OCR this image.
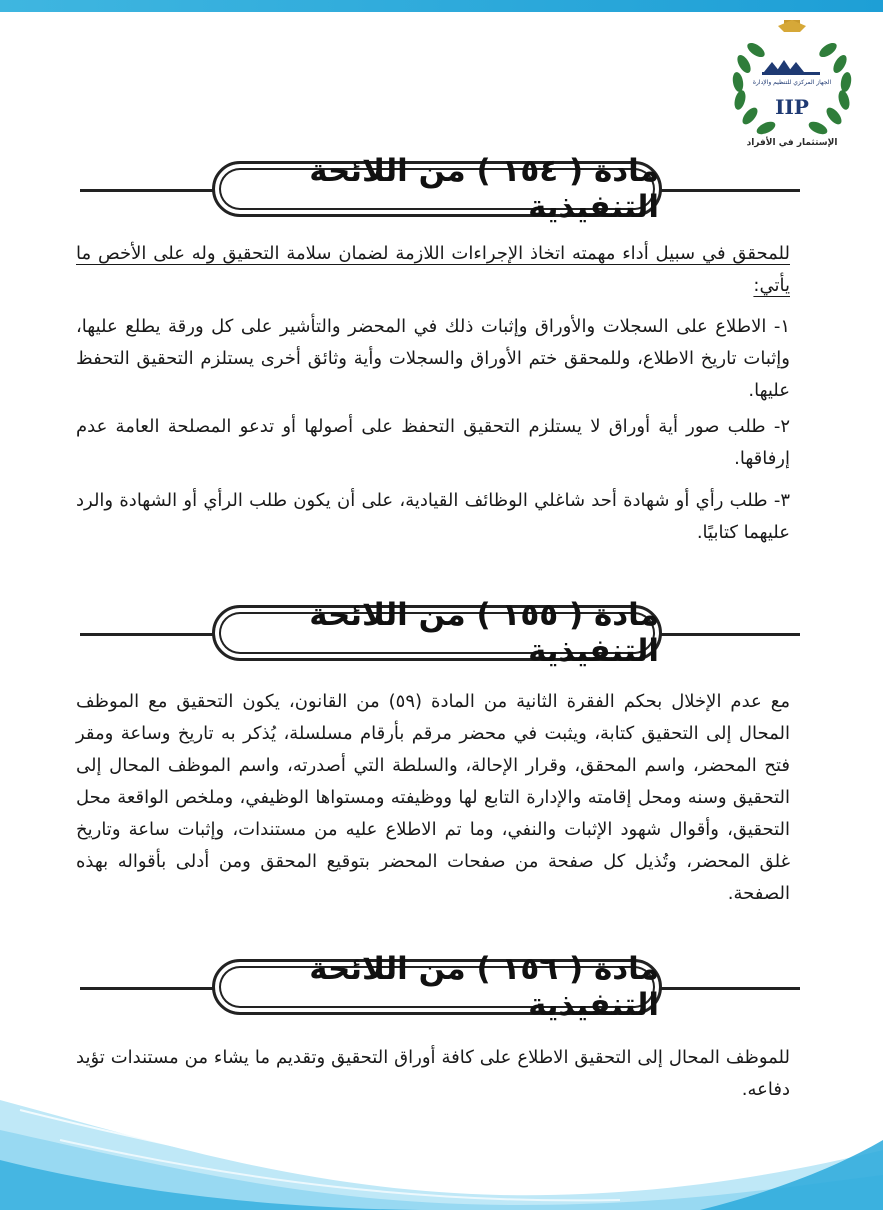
الجهاز المركزي للتنظيم والإدارة
IIP
الإستثمار في الأفراد
مادة ( ١٥٤ ) من اللائحة التنفيذية

للمحقق في سبيل أداء مهمته اتخاذ الإجراءات اللازمة لضمان سلامة التحقيق وله على الأخص ما يأتي:

١- الاطلاع على السجلات والأوراق وإثبات ذلك في المحضر والتأشير على كل ورقة يطلع عليها، وإثبات تاريخ الاطلاع، وللمحقق ختم الأوراق والسجلات وأية وثائق أخرى يستلزم التحقيق التحفظ عليها.

٢- طلب صور أية أوراق لا يستلزم التحقيق التحفظ على أصولها أو تدعو المصلحة العامة عدم إرفاقها.

٣- طلب رأي أو شهادة أحد شاغلي الوظائف القيادية، على أن يكون طلب الرأي أو الشهادة والرد عليهما كتابيًا.

مادة ( ١٥٥ ) من اللائحة التنفيذية

مع عدم الإخلال بحكم الفقرة الثانية من المادة (٥٩) من القانون، يكون التحقيق مع الموظف المحال إلى التحقيق كتابة، ويثبت في محضر مرقم بأرقام مسلسلة، يُذكر به تاريخ وساعة ومقر فتح المحضر، واسم المحقق، وقرار الإحالة، والسلطة التي أصدرته، واسم الموظف المحال إلى التحقيق وسنه ومحل إقامته والإدارة التابع لها ووظيفته ومستواها الوظيفي، وملخص الواقعة محل التحقيق، وأقوال شهود الإثبات والنفي، وما تم الاطلاع عليه من مستندات، وإثبات ساعة وتاريخ غلق المحضر، وتُذيل كل صفحة من صفحات المحضر بتوقيع المحقق ومن أدلى بأقواله بهذه الصفحة.

مادة ( ١٥٦ ) من اللائحة التنفيذية

للموظف المحال إلى التحقيق الاطلاع على كافة أوراق التحقيق وتقديم ما يشاء من مستندات تؤيد دفاعه.
